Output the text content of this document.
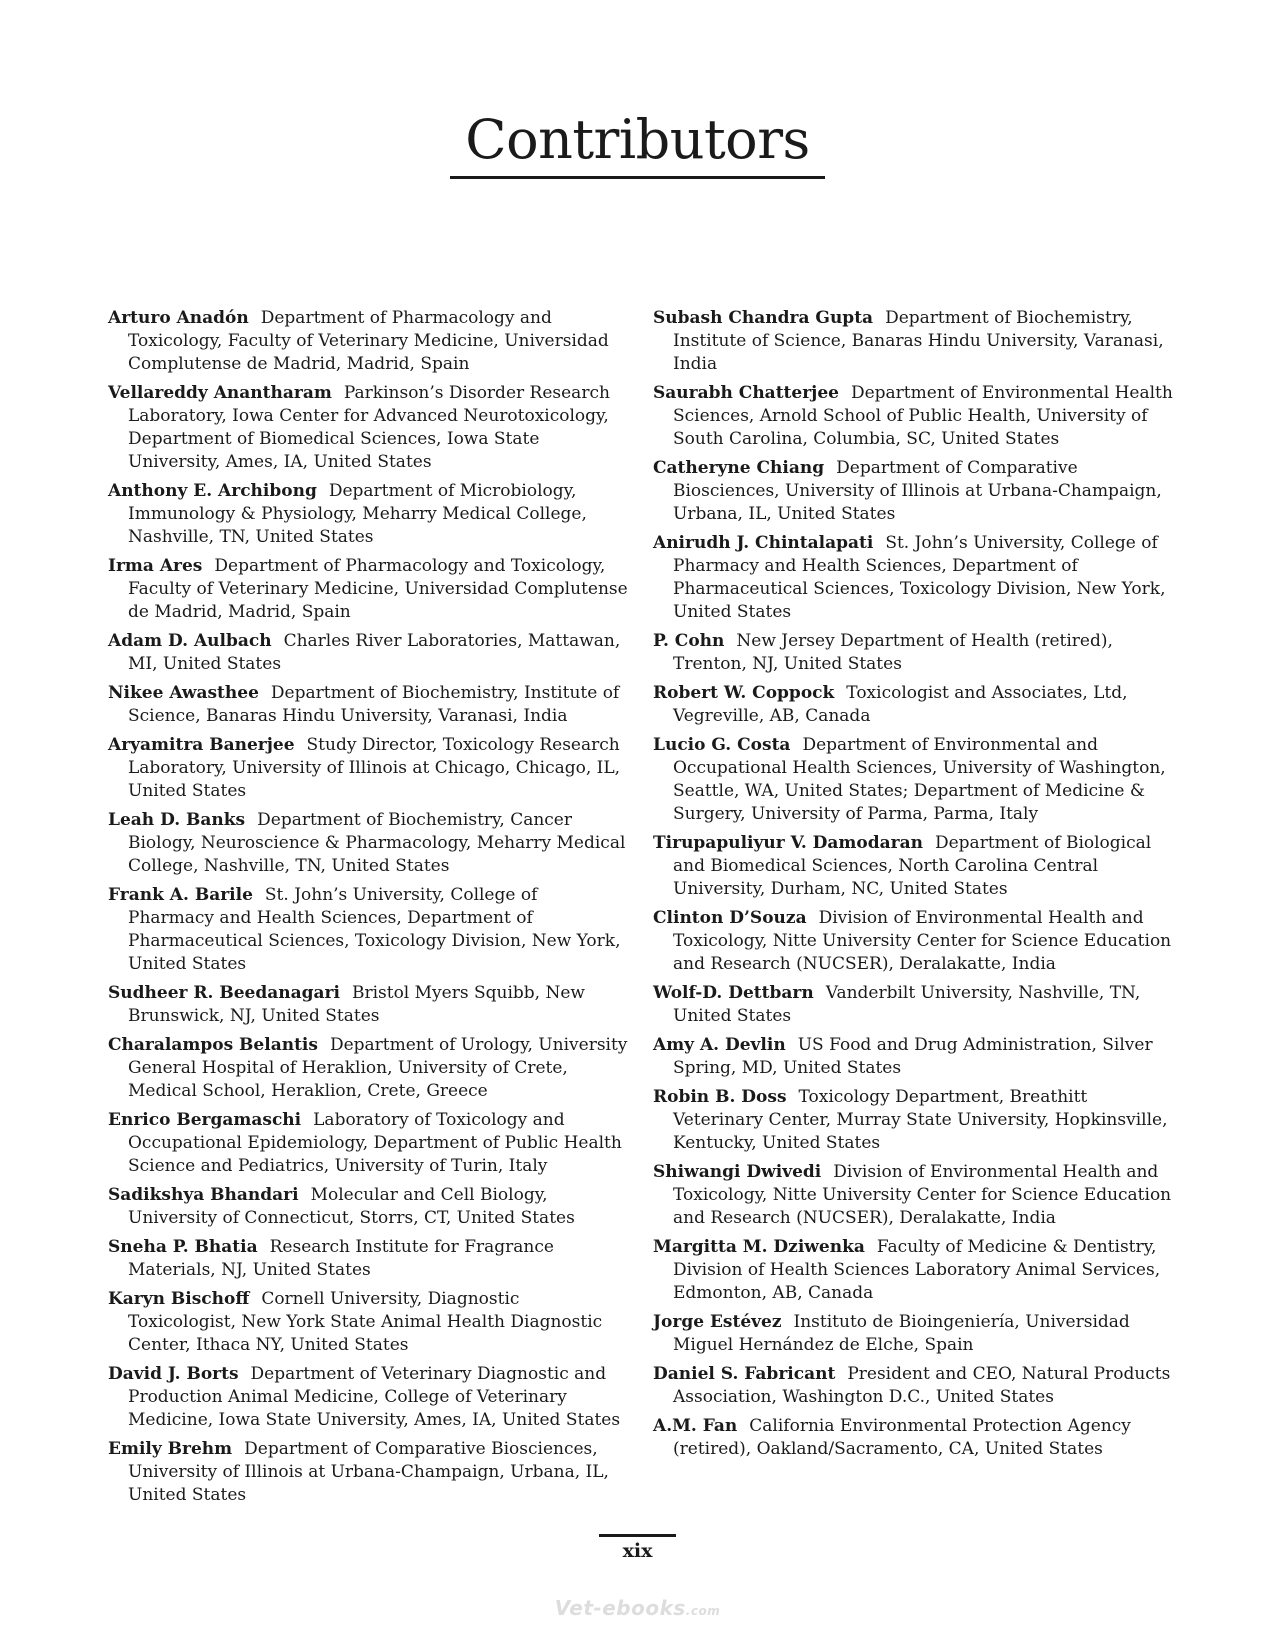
Contributors

Arturo Anadón Department of Pharmacology and Toxicology, Faculty of Veterinary Medicine, Universidad Complutense de Madrid, Madrid, Spain

Vellareddy Anantharam Parkinson’s Disorder Research Laboratory, Iowa Center for Advanced Neurotoxicology, Department of Biomedical Sciences, Iowa State University, Ames, IA, United States

Anthony E. Archibong Department of Microbiology, Immunology & Physiology, Meharry Medical College, Nashville, TN, United States

Irma Ares Department of Pharmacology and Toxicology, Faculty of Veterinary Medicine, Universidad Complutense de Madrid, Madrid, Spain

Adam D. Aulbach Charles River Laboratories, Mattawan, MI, United States

Nikee Awasthee Department of Biochemistry, Institute of Science, Banaras Hindu University, Varanasi, India

Aryamitra Banerjee Study Director, Toxicology Research Laboratory, University of Illinois at Chicago, Chicago, IL, United States

Leah D. Banks Department of Biochemistry, Cancer Biology, Neuroscience & Pharmacology, Meharry Medical College, Nashville, TN, United States

Frank A. Barile St. John’s University, College of Pharmacy and Health Sciences, Department of Pharmaceutical Sciences, Toxicology Division, New York, United States

Sudheer R. Beedanagari Bristol Myers Squibb, New Brunswick, NJ, United States

Charalampos Belantis Department of Urology, University General Hospital of Heraklion, University of Crete, Medical School, Heraklion, Crete, Greece

Enrico Bergamaschi Laboratory of Toxicology and Occupational Epidemiology, Department of Public Health Science and Pediatrics, University of Turin, Italy

Sadikshya Bhandari Molecular and Cell Biology, University of Connecticut, Storrs, CT, United States

Sneha P. Bhatia Research Institute for Fragrance Materials, NJ, United States

Karyn Bischoff Cornell University, Diagnostic Toxicologist, New York State Animal Health Diagnostic Center, Ithaca NY, United States

David J. Borts Department of Veterinary Diagnostic and Production Animal Medicine, College of Veterinary Medicine, Iowa State University, Ames, IA, United States

Emily Brehm Department of Comparative Biosciences, University of Illinois at Urbana-Champaign, Urbana, IL, United States

Subash Chandra Gupta Department of Biochemistry, Institute of Science, Banaras Hindu University, Varanasi, India

Saurabh Chatterjee Department of Environmental Health Sciences, Arnold School of Public Health, University of South Carolina, Columbia, SC, United States

Catheryne Chiang Department of Comparative Biosciences, University of Illinois at Urbana-Champaign, Urbana, IL, United States

Anirudh J. Chintalapati St. John’s University, College of Pharmacy and Health Sciences, Department of Pharmaceutical Sciences, Toxicology Division, New York, United States

P. Cohn New Jersey Department of Health (retired), Trenton, NJ, United States

Robert W. Coppock Toxicologist and Associates, Ltd, Vegreville, AB, Canada

Lucio G. Costa Department of Environmental and Occupational Health Sciences, University of Washington, Seattle, WA, United States; Department of Medicine & Surgery, University of Parma, Parma, Italy

Tirupapuliyur V. Damodaran Department of Biological and Biomedical Sciences, North Carolina Central University, Durham, NC, United States

Clinton D’Souza Division of Environmental Health and Toxicology, Nitte University Center for Science Education and Research (NUCSER), Deralakatte, India

Wolf-D. Dettbarn Vanderbilt University, Nashville, TN, United States

Amy A. Devlin US Food and Drug Administration, Silver Spring, MD, United States

Robin B. Doss Toxicology Department, Breathitt Veterinary Center, Murray State University, Hopkinsville, Kentucky, United States

Shiwangi Dwivedi Division of Environmental Health and Toxicology, Nitte University Center for Science Education and Research (NUCSER), Deralakatte, India

Margitta M. Dziwenka Faculty of Medicine & Dentistry, Division of Health Sciences Laboratory Animal Services, Edmonton, AB, Canada

Jorge Estévez Instituto de Bioingeniería, Universidad Miguel Hernández de Elche, Spain

Daniel S. Fabricant President and CEO, Natural Products Association, Washington D.C., United States

A.M. Fan California Environmental Protection Agency (retired), Oakland/Sacramento, CA, United States

xix
Vet-ebooks.com
